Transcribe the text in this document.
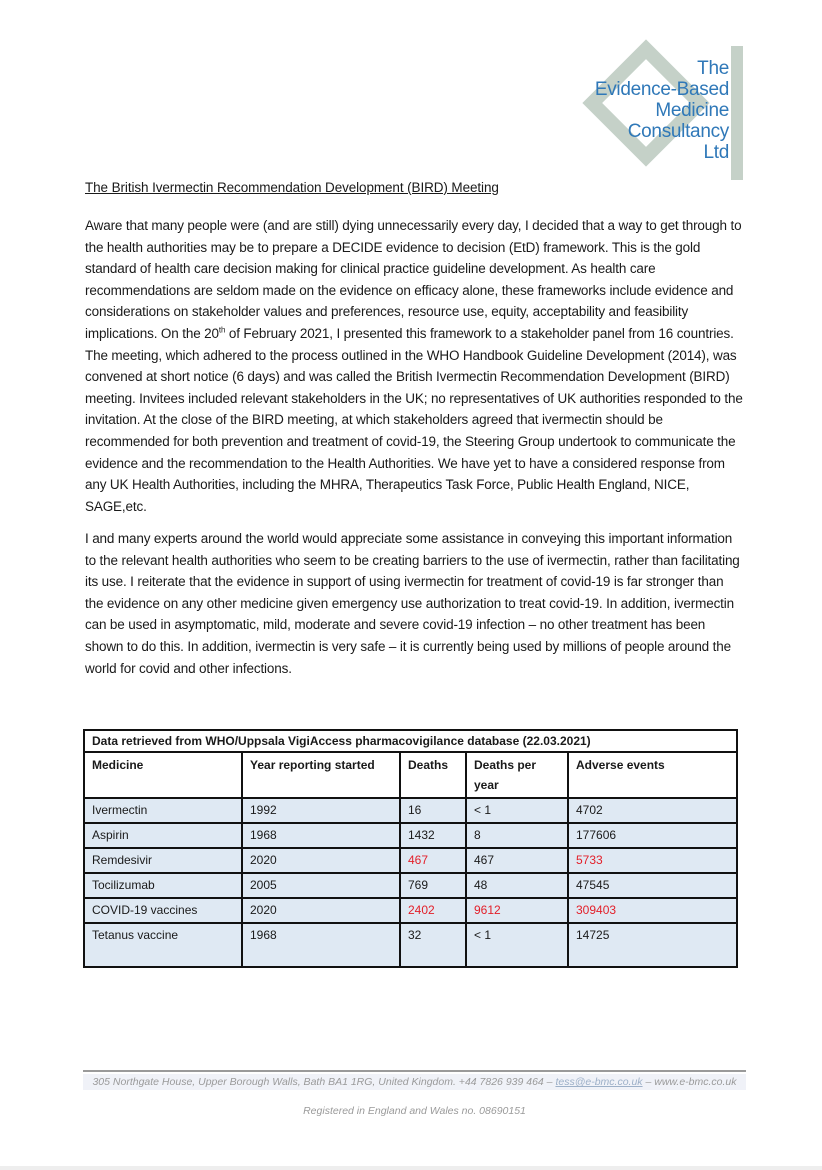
The
Evidence-Based
Medicine
Consultancy
Ltd
The British Ivermectin Recommendation Development (BIRD) Meeting
Aware that many people were (and are still) dying unnecessarily every day, I decided that a way to get through to the health authorities may be to prepare a DECIDE evidence to decision (EtD) framework. This is the gold standard of health care decision making for clinical practice guideline development. As health care recommendations are seldom made on the evidence on efficacy alone, these frameworks include evidence and considerations on stakeholder values and preferences, resource use, equity, acceptability and feasibility implications. On the 20th of February 2021, I presented this framework to a stakeholder panel from 16 countries. The meeting, which adhered to the process outlined in the WHO Handbook Guideline Development (2014), was convened at short notice (6 days) and was called the British Ivermectin Recommendation Development (BIRD) meeting. Invitees included relevant stakeholders in the UK; no representatives of UK authorities responded to the invitation. At the close of the BIRD meeting, at which stakeholders agreed that ivermectin should be recommended for both prevention and treatment of covid-19, the Steering Group undertook to communicate the evidence and the recommendation to the Health Authorities. We have yet to have a considered response from any UK Health Authorities, including the MHRA, Therapeutics Task Force, Public Health England, NICE, SAGE,etc.
I and many experts around the world would appreciate some assistance in conveying this important information to the relevant health authorities who seem to be creating barriers to the use of ivermectin, rather than facilitating its use. I reiterate that the evidence in support of using ivermectin for treatment of covid-19 is far stronger than the evidence on any other medicine given emergency use authorization to treat covid-19. In addition, ivermectin can be used in asymptomatic, mild, moderate and severe covid-19 infection – no other treatment has been shown to do this. In addition, ivermectin is very safe – it is currently being used by millions of people around the world for covid and other infections.
Data retrieved from WHO/Uppsala VigiAccess pharmacovigilance database (22.03.2021)				
Medicine	Year reporting started	Deaths	Deaths per year	Adverse events
Ivermectin	1992	16	< 1	4702
Aspirin	1968	1432	8	177606
Remdesivir	2020	467	467	5733
Tocilizumab	2005	769	48	47545
COVID-19 vaccines	2020	2402	9612	309403
Tetanus vaccine	1968	32	< 1	14725
305 Northgate House, Upper Borough Walls, Bath BA1 1RG, United Kingdom. +44 7826 939 464 – tess@e-bmc.co.uk – www.e-bmc.co.uk
Registered in England and Wales no. 08690151
